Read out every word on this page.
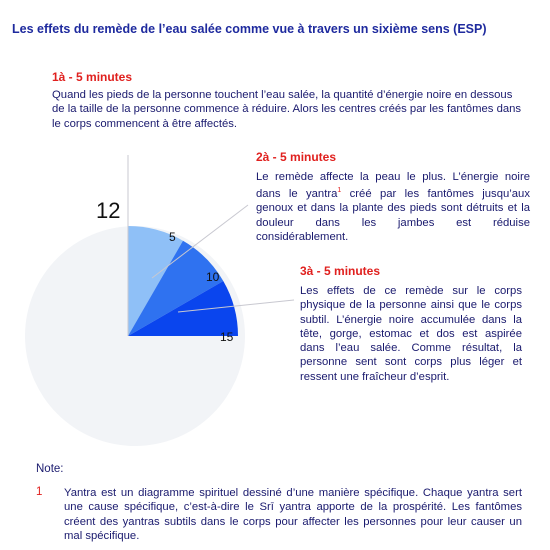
Les effets du remède de l’eau salée comme vue à travers un sixième sens (ESP)
1à - 5 minutes
Quand les pieds de la personne touchent l’eau salée, la quantité d’énergie noire en dessous de la taille de la personne commence à réduire. Alors les centres créés par les fantômes dans le corps commencent à être affectés.
2à - 5 minutes
Le remède affecte la peau le plus. L’énergie noire dans le yantra$^1$ créé par les fantômes jusqu’aux genoux et dans la plante des pieds sont détruits et la douleur dans les jambes est réduise considérablement.
3à - 5 minutes
Les effets de ce remède sur le corps physique de la personne ainsi que le corps subtil. L’énergie noire accumulée dans la tête, gorge, estomac et dos est aspirée dans l’eau salée. Comme résultat, la personne sent sont corps plus léger et ressent une fraîcheur d’esprit.
12
5
10
15
Note:
1 Yantra est un diagramme spirituel dessiné d’une manière spécifique. Chaque yantra sert une cause spécifique, c’est-à-dire le Srī yantra apporte de la prospérité. Les fantômes créent des yantras subtils dans le corps pour affecter les personnes pour leur causer un mal spécifique.
